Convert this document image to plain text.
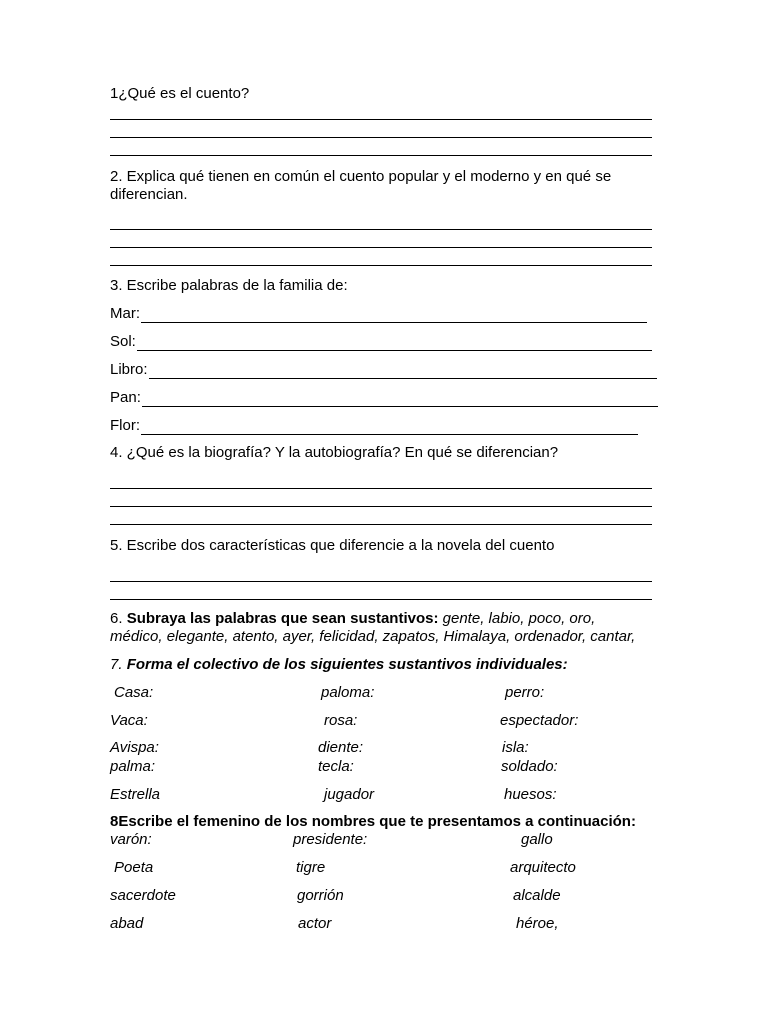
1¿Qué es el cuento?
2. Explica qué tienen en común el cuento popular y el moderno y en qué se
diferencian.
3. Escribe palabras de la familia de:
Mar:
Sol:
Libro:
Pan:
Flor:
4. ¿Qué es la biografía? Y la autobiografía? En qué se diferencian?
5. Escribe dos características que diferencie a la novela del cuento
6. Subraya las palabras que sean sustantivos: gente, labio, poco, oro,
médico, elegante, atento, ayer, felicidad, zapatos, Himalaya, ordenador, cantar,
7. Forma el colectivo de los siguientes sustantivos individuales:
Casa:	paloma:	perro:
Vaca:	rosa:	espectador:
Avispa:	diente:	isla:
palma:	tecla:	soldado:
Estrella	jugador	huesos:
8Escribe el femenino de los nombres que te presentamos a continuación:
varón:	presidente:	gallo
Poeta	tigre	arquitecto
sacerdote	gorrión	alcalde
abad	actor	héroe,
